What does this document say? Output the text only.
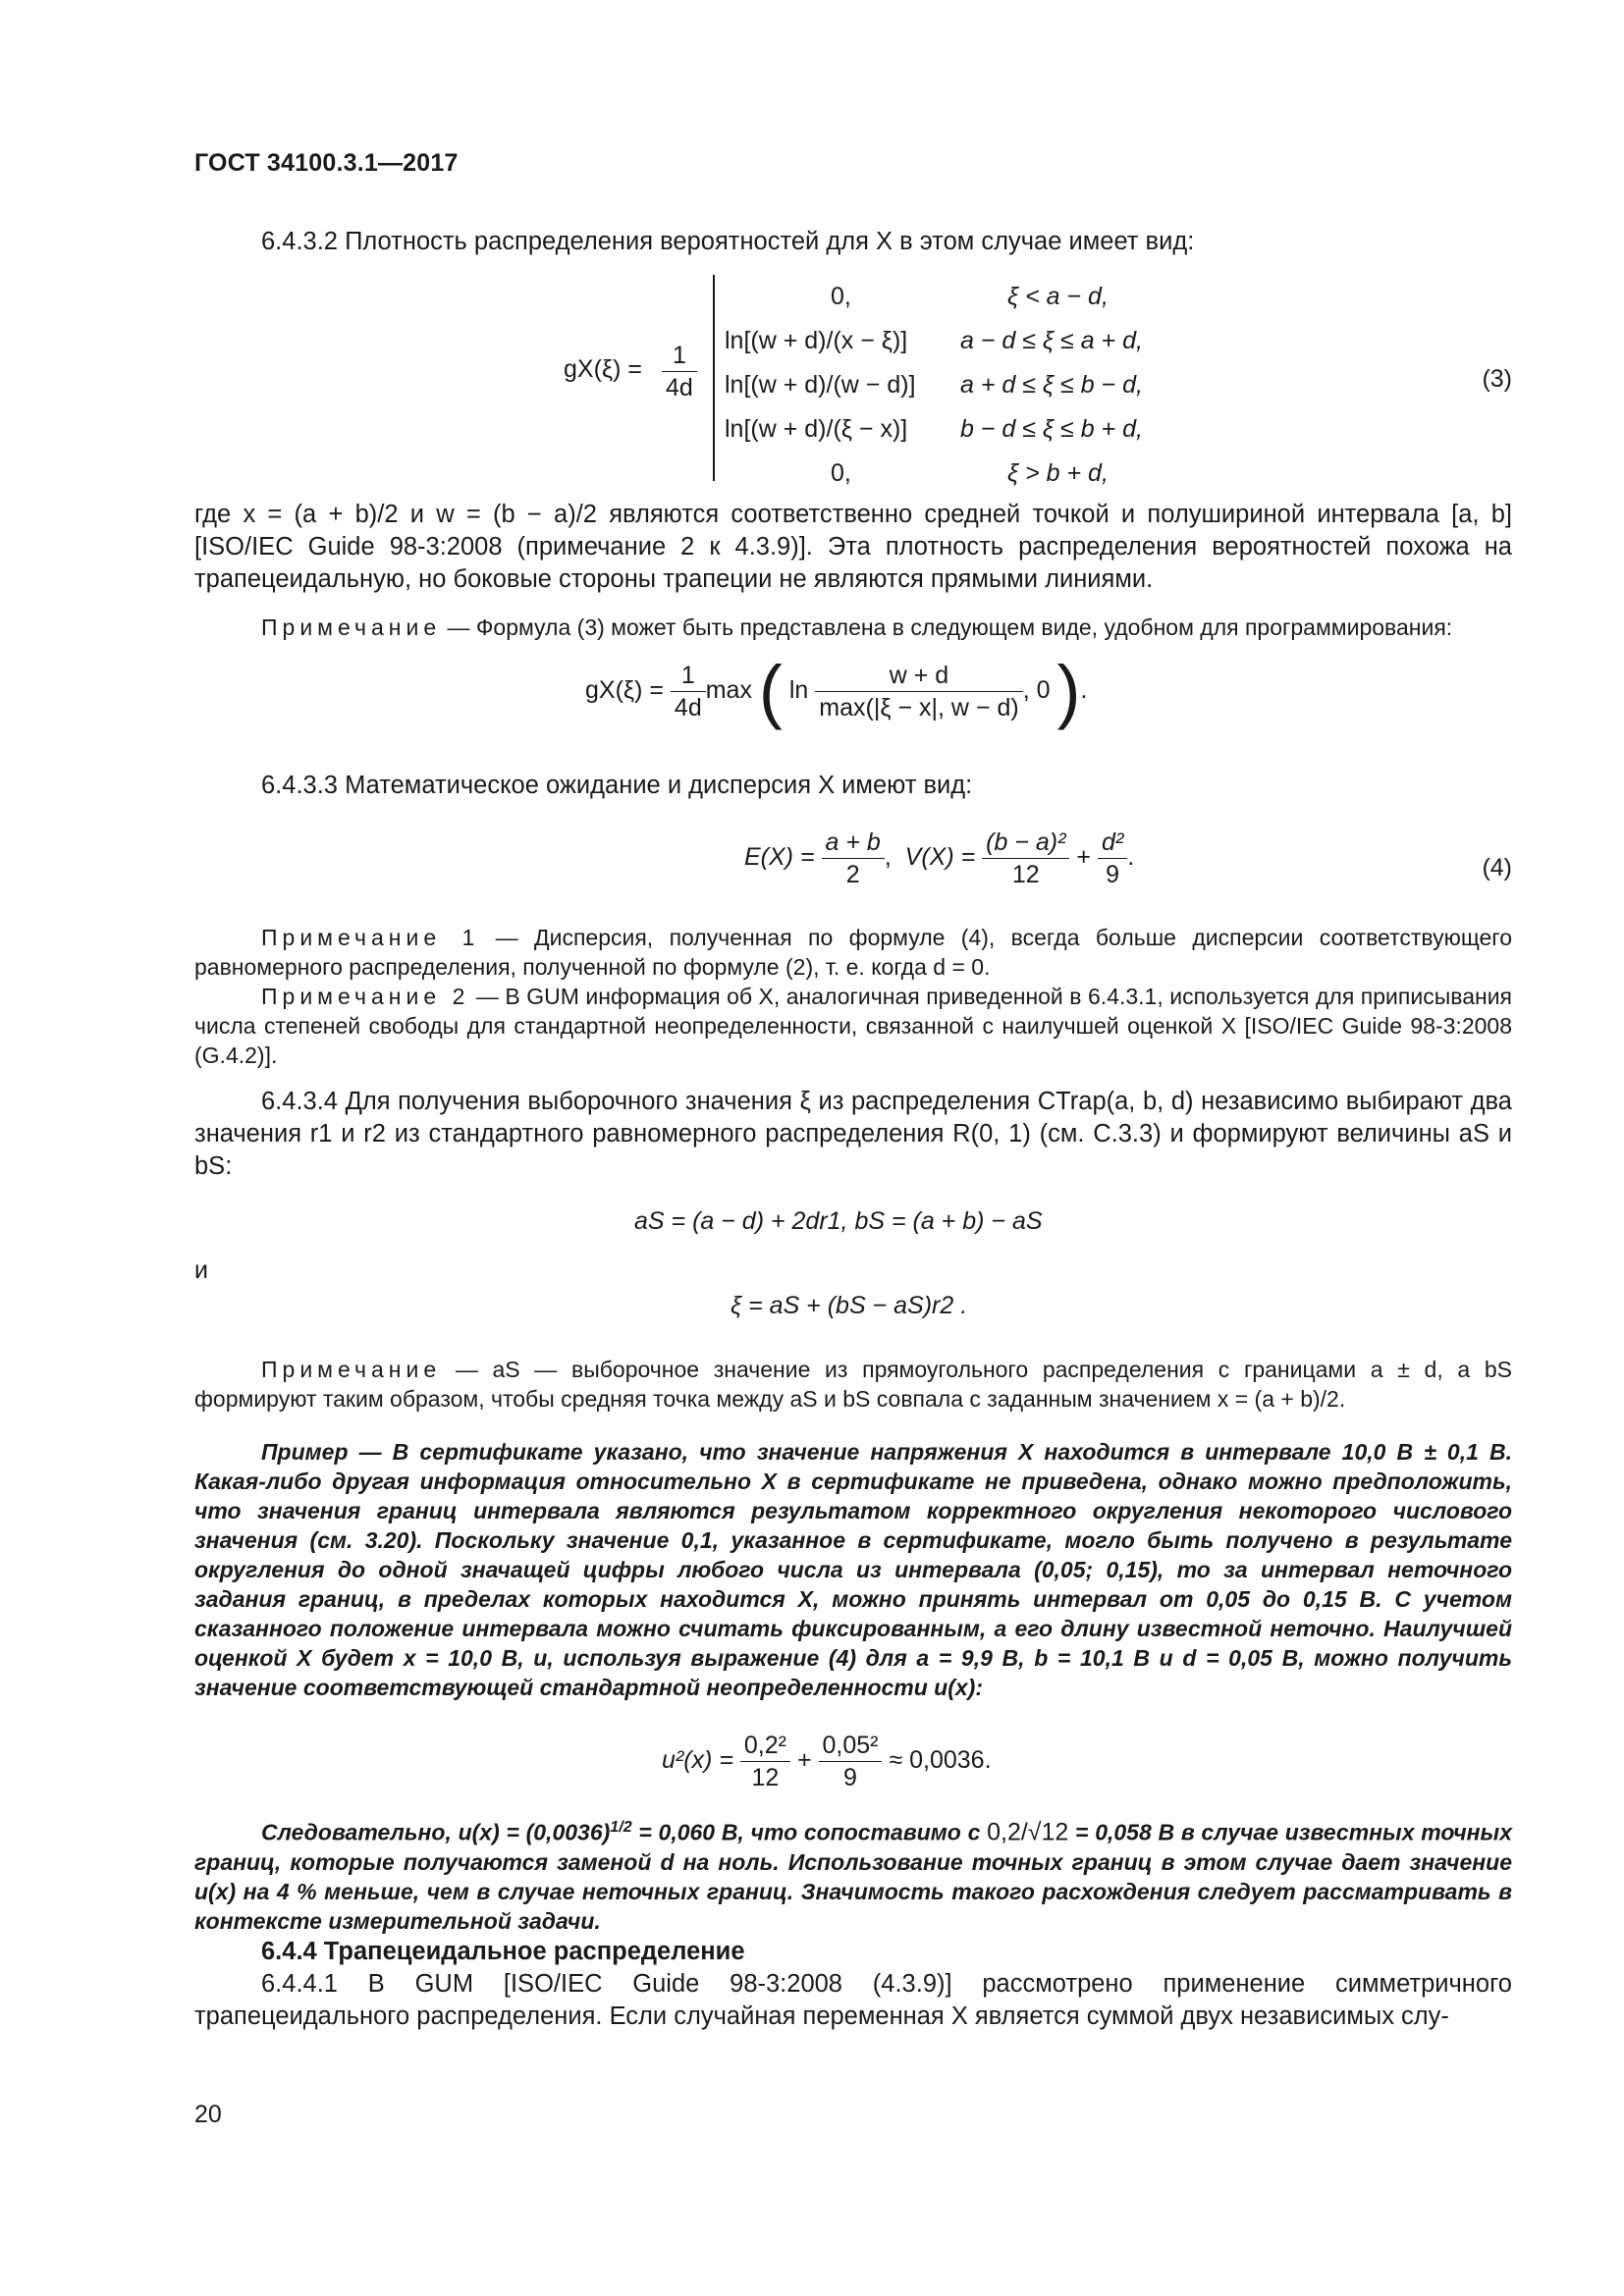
ГОСТ 34100.3.1—2017

6.4.3.2 Плотность распределения вероятностей для X в этом случае имеет вид:

$gX(\xi) = \frac{1}{4d}$
0,
ln[(w + d)/(x − ξ)]
ln[(w + d)/(w − d)]
ln[(w + d)/(ξ − x)]
0,
ξ < a − d,
a − d ≤ ξ ≤ a + d,
a + d ≤ ξ ≤ b − d,
b − d ≤ ξ ≤ b + d,
ξ > b + d,
(3)

где x = (a + b)/2 и w = (b − a)/2 являются соответственно средней точкой и полушириной интервала [a, b] [ISO/IEC Guide 98-3:2008 (примечание 2 к 4.3.9)]. Эта плотность распределения вероятностей похожа на трапецеидальную, но боковые стороны трапеции не являются прямыми линиями.

Примечание — Формула (3) может быть представлена в следующем виде, удобном для программирования:

$gX(\xi) = \frac{1}{4d}$ max ( $\ln \frac{w + d}{\max(|\xi - x|, w - d)}$ , 0 ).

6.4.3.3 Математическое ожидание и дисперсия X имеют вид:

$E(X) = \frac{a + b}{2}$ , $V(X) = \frac{\text{(b − a)²}}{12} + \frac{\text{d²}}{9}$ .	(4)

Примечание 1 — Дисперсия, полученная по формуле (4), всегда больше дисперсии соответствующего равномерного распределения, полученной по формуле (2), т. е. когда d = 0.

Примечание 2 — В GUM информация об X, аналогичная приведенной в 6.4.3.1, используется для приписывания числа степеней свободы для стандартной неопределенности, связанной с наилучшей оценкой X [ISO/IEC Guide 98-3:2008 (G.4.2)].

6.4.3.4 Для получения выборочного значения ξ из распределения CTrap(a, b, d) независимо выбирают два значения r1 и r2 из стандартного равномерного распределения R(0, 1) (см. С.3.3) и формируют величины aS и bS:

aS = (a − d) + 2dr1, bS = (a + b) − aS
и
ξ = aS + (bS − aS)r2 .

Примечание — aS — выборочное значение из прямоугольного распределения с границами a ± d, а bS формируют таким образом, чтобы средняя точка между aS и bS совпала с заданным значением x = (a + b)/2.

Пример — В сертификате указано, что значение напряжения X находится в интервале 10,0 В ± 0,1 В. Какая-либо другая информация относительно X в сертификате не приведена, однако можно предположить, что значения границ интервала являются результатом корректного округления некоторого числового значения (см. 3.20). Поскольку значение 0,1, указанное в сертификате, могло быть получено в результате округления до одной значащей цифры любого числа из интервала (0,05; 0,15), то за интервал неточного задания границ, в пределах которых находится X, можно принять интервал от 0,05 до 0,15 В. С учетом сказанного положение интервала можно считать фиксированным, а его длину известной неточно. Наилучшей оценкой X будет x = 10,0 В, и, используя выражение (4) для a = 9,9 В, b = 10,1 В и d = 0,05 В, можно получить значение соответствующей стандартной неопределенности u(x):

$u^2(x) = \frac{\text{0,2²}}{12} + \frac{\text{0,05²}}{9} \approx 0,0036$.

Следовательно, $u(x) = (0,0036)^{1/2} = 0,060$ В, что сопоставимо с 0,2/√12 = 0,058 В в случае известных точных границ, которые получаются заменой d на ноль. Использование точных границ в этом случае дает значение u(x) на 4 % меньше, чем в случае неточных границ. Значимость такого расхождения следует рассматривать в контексте измерительной задачи.

6.4.4 Трапецеидальное распределение

6.4.4.1 В GUM [ISO/IEC Guide 98-3:2008 (4.3.9)] рассмотрено применение симметричного трапецеидального распределения. Если случайная переменная X является суммой двух независимых слу-

20
